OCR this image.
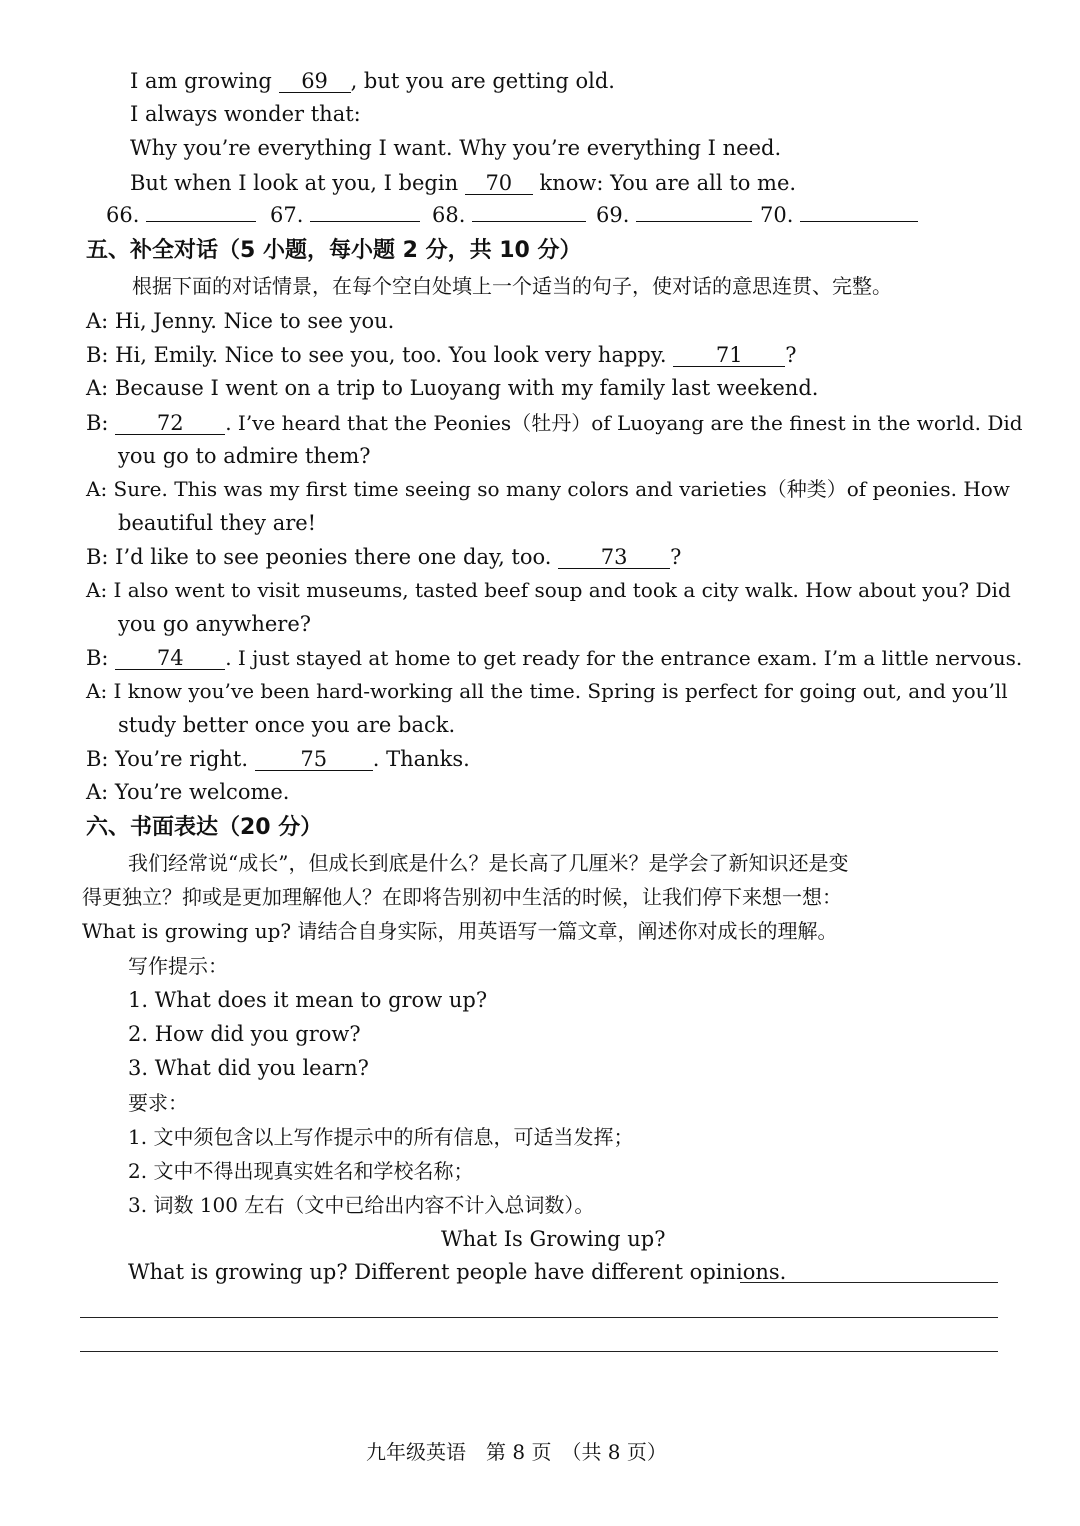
I am growing 69 , but you are getting old.
I always wonder that:
Why you’re everything I want. Why you’re everything I need.
But when I look at you, I begin 70 know: You are all to me.
66.	67.	68.	69.	70.
五、补全对话（5 小题，每小题 2 分，共 10 分）
根据下面的对话情景，在每个空白处填上一个适当的句子，使对话的意思连贯、完整。
A: Hi, Jenny. Nice to see you.
B: Hi, Emily. Nice to see you, too. You look very happy. 71 ?
A: Because I went on a trip to Luoyang with my family last weekend.
B: 72 . I’ve heard that the Peonies（牡丹）of Luoyang are the finest in the world. Did
you go to admire them?
A: Sure. This was my first time seeing so many colors and varieties（种类）of peonies. How
beautiful they are!
B: I’d like to see peonies there one day, too. 73 ?
A: I also went to visit museums, tasted beef soup and took a city walk. How about you? Did
you go anywhere?
B: 74 . I just stayed at home to get ready for the entrance exam. I’m a little nervous.
A: I know you’ve been hard-working all the time. Spring is perfect for going out, and you’ll
study better once you are back.
B: You’re right. 75 . Thanks.
A: You’re welcome.
六、书面表达（20 分）
我们经常说“成长”，但成长到底是什么？是长高了几厘米？是学会了新知识还是变
得更独立？抑或是更加理解他人？在即将告别初中生活的时候，让我们停下来想一想：
What is growing up? 请结合自身实际，用英语写一篇文章，阐述你对成长的理解。
写作提示：
1. What does it mean to grow up?
2. How did you grow?
3. What did you learn?
要求：
1. 文中须包含以上写作提示中的所有信息，可适当发挥；
2. 文中不得出现真实姓名和学校名称；
3. 词数 100 左右（文中已给出内容不计入总词数）。
What Is Growing up?
What is growing up? Different people have different opinions.
九年级英语　第 8 页　（共 8 页）
